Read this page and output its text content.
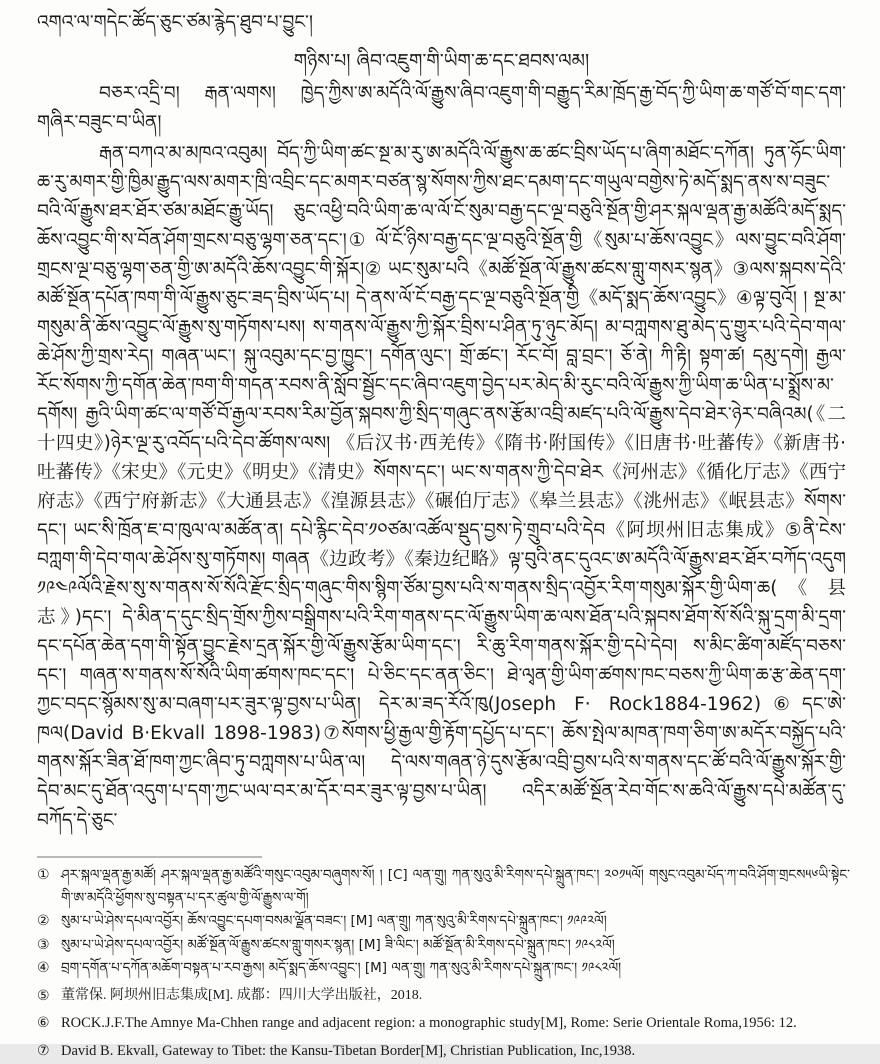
འགའ་ལ་གདེང་ཚོད་ཅུང་ཙམ་རྙེད་ཐུབ་པ་བྱུང་།

གཉིས་པ། ཞིབ་འཇུག་གི་ཡིག་ཆ་དང་ཐབས་ལམ།

བཅར་འདྲི་བ། རྒན་ལགས། ཁྱེད་ཀྱིས་ཨ་མདོའི་ལོ་རྒྱུས་ཞིབ་འཇུག་གི་བརྒྱུད་རིམ་ཁྲོད་རྒྱ་བོད་ཀྱི་ཡིག་ཆ་གཙོ་བོ་གང་དག་གཞིར་བཟུང་བ་ཡིན།

རྒན་བཀའ་མ་མཁའ་འབུམ། བོད་ཀྱི་ཡིག་ཚང་སྔ་མ་རུ་ཨ་མདོའི་ལོ་རྒྱུས་ཆ་ཚང་བྲིས་ཡོད་པ་ཞིག་མཐོང་དཀོན། ཏུན་ཧོང་ཡིག་ཆ་རུ་མགར་གྱི་ཁྱིམ་རྒྱུད་ལས་མགར་ཁྲི་འབྲིང་དང་མགར་བཙན་སྙ་སོགས་ཀྱིས་ཐང་དམག་དང་གཡུལ་བགྱེས་ཏེ་མདོ་སྨད་ནས་ས་བཟུང་བའི་ལོ་རྒྱུས་ཐར་ཐོར་ཙམ་མཐོང་རྒྱུ་ཡོད། ཅུང་འཕྱི་བའི་ཡིག་ཆ་ལ་ལོ་ངོ་སུམ་བརྒྱ་དང་ལྔ་བཅུའི་སྔོན་གྱི་ཤར་སྐལ་ལྡན་རྒྱ་མཚོའི་མདོ་སྨད་ཆོས་འབྱུང་གི་ས་བོན་ཤོག་གྲངས་བཅུ་ལྷག་ཅན་དང་།① ལོ་ངོ་ཉིས་བརྒྱ་དང་ལྔ་བཅུའི་སྔོན་གྱི《སུམ་པ་ཆོས་འབྱུང》ལས་བྱུང་བའི་ཤོག་གྲངས་ལྔ་བཅུ་ལྷག་ཅན་གྱི་ཨ་མདོའི་ཆོས་འབྱུང་གི་སྐོར།② ཡང་སུམ་པའི《མཚོ་སྔོན་ལོ་རྒྱུས་ཚངས་གླུ་གསར་སྙན》③ལས་སྐབས་དེའི་མཚོ་སྔོན་དཔོན་ཁག་གི་ལོ་རྒྱུས་ཅུང་ཟད་བྲིས་ཡོད་པ། དེ་ནས་ལོ་ངོ་བརྒྱ་དང་ལྔ་བཅུའི་སྔོན་གྱི《མདོ་སྨད་ཆོས་འབྱུང》④ལྟ་བུའོ། ། སྔ་མ་གསུམ་ནི་ཆོས་འབྱུང་ལོ་རྒྱུས་སུ་གཏོགས་པས། ས་གནས་ལོ་རྒྱུས་ཀྱི་སྐོར་བྲིས་པ་ཤིན་ཏུ་ཉུང་མོད། མ་བཀླགས་ཐུ་མེད་དུ་གྱུར་པའི་དེབ་གལ་ཆེ་ཤོས་ཀྱི་གྲས་རེད། གཞན་ཡང་། སྐུ་འབུམ་དང་བྱ་ཁྱུང་། དགོན་ལུང་། གྲོ་ཚང་། རོང་བོ། བླ་བྲང་། ཅོ་ནེ། ཀི་རྟི། སྟག་ཚ། དམུ་དགེ། རྒྱལ་རོང་སོགས་ཀྱི་དགོན་ཆེན་ཁག་གི་གདན་རབས་ནི་སློབ་སྦྱོང་དང་ཞིབ་འཇུག་བྱེད་པར་མེད་མི་རུང་བའི་ལོ་རྒྱུས་ཀྱི་ཡིག་ཆ་ཡིན་པ་སྨྲོས་མ་དགོས། རྒྱའི་ཡིག་ཚང་ལ་གཙོ་བོ་རྒྱལ་རབས་རིམ་བྱོན་སྐབས་ཀྱི་སྲིད་གཞུང་ནས་རྩོམ་འབྲི་མཛད་པའི་ལོ་རྒྱུས་དེབ་ཐེར་ཉེར་བཞིའམ(《二十四史》)ཉེར་ལྔ་རུ་འབོད་པའི་དེབ་ཚོགས་ལས། 《后汉书·西羌传》《隋书·附国传》《旧唐书·吐蕃传》《新唐书·吐蕃传》《宋史》《元史》《明史》《清史》སོགས་དང་། ཡང་ས་གནས་ཀྱི་དེབ་ཐེར《河州志》《循化厅志》《西宁府志》《西宁府新志》《大通县志》《湟源县志》《碾伯厅志》《皋兰县志》《洮州志》《岷县志》སོགས་དང་། ཡང་སི་ཁྲོན་ཇ་བ་ཁུལ་ལ་མཚོན་ན། དཔེ་རྙིང་དེབ་༡༠ཙམ་འཚོལ་སྡུད་བྱས་ཏེ་གྲུབ་པའི་དེབ《阿坝州旧志集成》⑤ནི་ངེས་བཀླག་གི་དེབ་གལ་ཆེ་ཤོས་སུ་གཏོགས། གཞན《边政考》《秦边纪略》ལྟ་བུའི་ནང་དུའང་ཨ་མདོའི་ལོ་རྒྱུས་ཐར་ཐོར་བཀོད་འདུག ༡༩༤༩ལོའི་རྗེས་སུ་ས་གནས་སོ་སོའི་རྫོང་སྲིད་གཞུང་གིས་སྙིག་ཙོམ་བྱས་པའི་ས་གནས་སྲིད་འབྱོར་རིག་གསུམ་སྐོར་གྱི་ཡིག་ཆ(《县志》)དང་། དེ་མིན་ད་དུང་སྲིད་གྲོས་ཀྱིས་བསྒྲིགས་པའི་རིག་གནས་དང་ལོ་རྒྱུས་ཡིག་ཆ་ལས་ཐོན་པའི་སྐབས་ཐོག་སོ་སོའི་སྐུ་དྲག་མི་དྲག་དང་དཔོན་ཆེན་དག་གི་སྟོན་བྱུང་རྗེས་དྲན་སྐོར་གྱི་ལོ་རྒྱུས་རྩོམ་ཡིག་དང་། རི་ཆུ་རིག་གནས་སྐོར་གྱི་དཔེ་དེབ། ས་མིང་ཚིག་མཛོད་བཅས་དང་། གཞན་ས་གནས་སོ་སོའི་ཡིག་ཚགས་ཁང་དང་། པེ་ཅིང་དང་ནན་ཅིང་། ཐེ་ལྭན་གྱི་ཡིག་ཚགས་ཁང་བཅས་ཀྱི་ཡིག་ཆ་རྩ་ཆེན་དག་ཀྱང་བདང་སྙོམས་སུ་མ་བཞག་པར་ཟུར་ལྟ་བྱས་པ་ཡིན། དེར་མ་ཟད་རོའོ་ཁུ(Joseph F· Rock1884-1962)⑥དང་ཨེ་ཁལ(David B·Ekvall 1898-1983)⑦སོགས་ཕྱི་རྒྱལ་གྱི་རྟོག་དཔྱོད་པ་དང་། ཆོས་སྤེལ་མཁན་ཁག་ཅིག་ཨ་མདོར་བསྐྱོད་པའི་གནས་སྐོར་ཟིན་ཐོ་ཁག་ཀྱང་ཞིབ་ཏུ་བཀླགས་པ་ཡིན་ལ། དེ་ལས་གཞན་ཉེ་དུས་རྩོམ་འབྲི་བྱས་པའི་ས་གནས་དང་ཚོ་བའི་ལོ་རྒྱུས་སྐོར་གྱི་དེབ་མང་དུ་ཐོན་འདུག་པ་དག་ཀྱང་ཡལ་བར་མ་དོར་བར་ཟུར་ལྟ་བྱས་པ་ཡིན། འདིར་མཚོ་སྔོན་རེབ་གོང་ས་ཆའི་ལོ་རྒྱུས་དཔེ་མཚོན་དུ་བཀོད་དེ་ཅུང་

① ཤར་སྐལ་ལྡན་རྒྱ་མཚོ། ཤར་སྐལ་ལྡན་རྒྱ་མཚོའི་གསུང་འབུམ་བཞུགས་སོ། ། [C] ལན་གྲུ། ཀན་སུའུ་མི་རིགས་དཔེ་སྐྲུན་ཁང་། ༢༠༡༥ལོ། གསུང་འབུམ་པོད་ཀ་བའི་ཤོག་གྲངས༥༦ཡི་སྟེང་གི་ཨ་མདོའི་ཕྱོགས་སུ་བསྟན་པ་དར་ཚུལ་གྱི་ལོ་རྒྱུས་ལ་གོ།
② སུམ་པ་ཡེ་ཤེས་དཔལ་འབྱོར། ཆོས་འབྱུང་དཔག་བསམ་ལྗོན་བཟང་། [M] ལན་གྲུ། ཀན་སུའུ་མི་རིགས་དཔེ་སྐྲུན་ཁང་། ༡༩༩༢ལོ།
③ སུམ་པ་ཡེ་ཤེས་དཔལ་འབྱོར། མཚོ་སྔོན་ལོ་རྒྱུས་ཚངས་གླུ་གསར་སྙན། [M] ཟི་ལིང་། མཚོ་སྔོན་མི་རིགས་དཔེ་སྐྲུན་ཁང་། ༡༩༨༢ལོ།
④ བྲག་དགོན་པ་དཀོན་མཆོག་བསྟན་པ་རབ་རྒྱས། མདོ་སྨད་ཆོས་འབྱུང་། [M] ལན་གྲུ། ཀན་སུའུ་མི་རིགས་དཔེ་སྐྲུན་ཁང་། ༡༩༨༢ལོ།
⑤ 董常保. 阿坝州旧志集成[M]. 成都：四川大学出版社，2018.
⑥ ROCK.J.F.The Amnye Ma-Chhen range and adjacent region: a monographic study[M], Rome: Serie Orientale Roma,1956: 12.
⑦ David B. Ekvall, Gateway to Tibet: the Kansu-Tibetan Border[M], Christian Publication, Inc,1938.
